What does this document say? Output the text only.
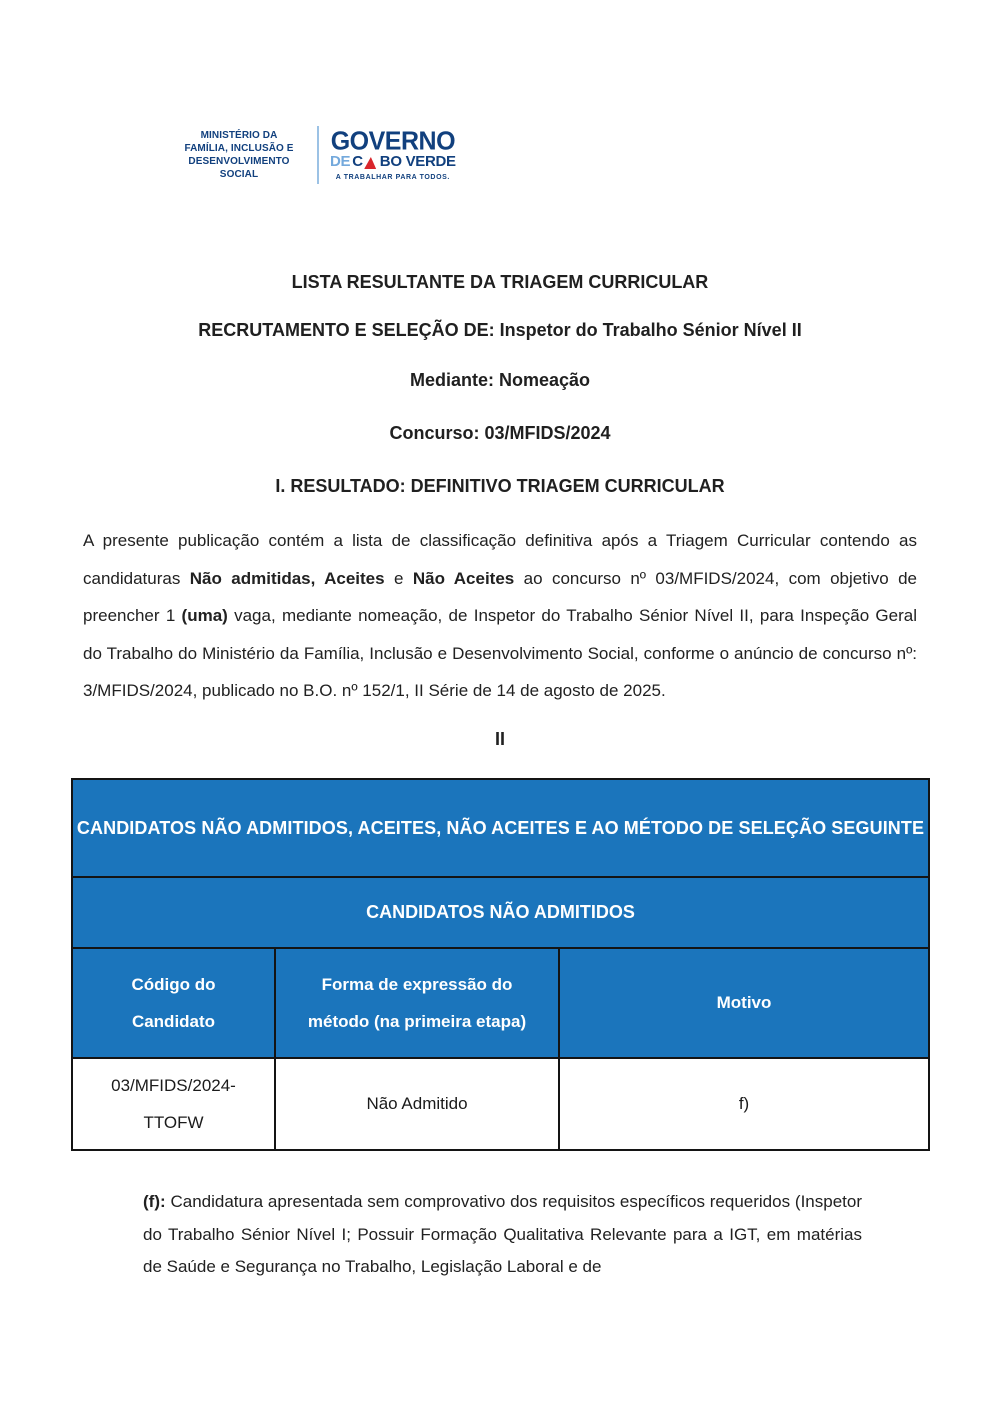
MINISTÉRIO DA
FAMÍLIA, INCLUSÃO E
DESENVOLVIMENTO SOCIAL
GOVERNO
DE C BO VERDE
A TRABALHAR PARA TODOS.
LISTA RESULTANTE DA TRIAGEM CURRICULAR
RECRUTAMENTO E SELEÇÃO DE: Inspetor do Trabalho Sénior Nível II
Mediante: Nomeação
Concurso: 03/MFIDS/2024
I. RESULTADO: DEFINITIVO TRIAGEM CURRICULAR

A presente publicação contém a lista de classificação definitiva após a Triagem Curricular contendo as candidaturas Não admitidas, Aceites e Não Aceites ao concurso nº 03/MFIDS/2024, com objetivo de preencher 1 (uma) vaga, mediante nomeação, de Inspetor do Trabalho Sénior Nível II, para Inspeção Geral do Trabalho do Ministério da Família, Inclusão e Desenvolvimento Social, conforme o anúncio de concurso nº: 3/MFIDS/2024, publicado no B.O. nº 152/1, II Série de 14 de agosto de 2025.

II
CANDIDATOS NÃO ADMITIDOS, ACEITES, NÃO ACEITES E AO MÉTODO DE SELEÇÃO SEGUINTE		
CANDIDATOS NÃO ADMITIDOS		
Código do Candidato	Forma de expressão do método (na primeira etapa)	Motivo
03/MFIDS/2024-TTOFW	Não Admitido	f)

(f): Candidatura apresentada sem comprovativo dos requisitos específicos requeridos (Inspetor do Trabalho Sénior Nível I; Possuir Formação Qualitativa Relevante para a IGT, em matérias de Saúde e Segurança no Trabalho, Legislação Laboral e de
